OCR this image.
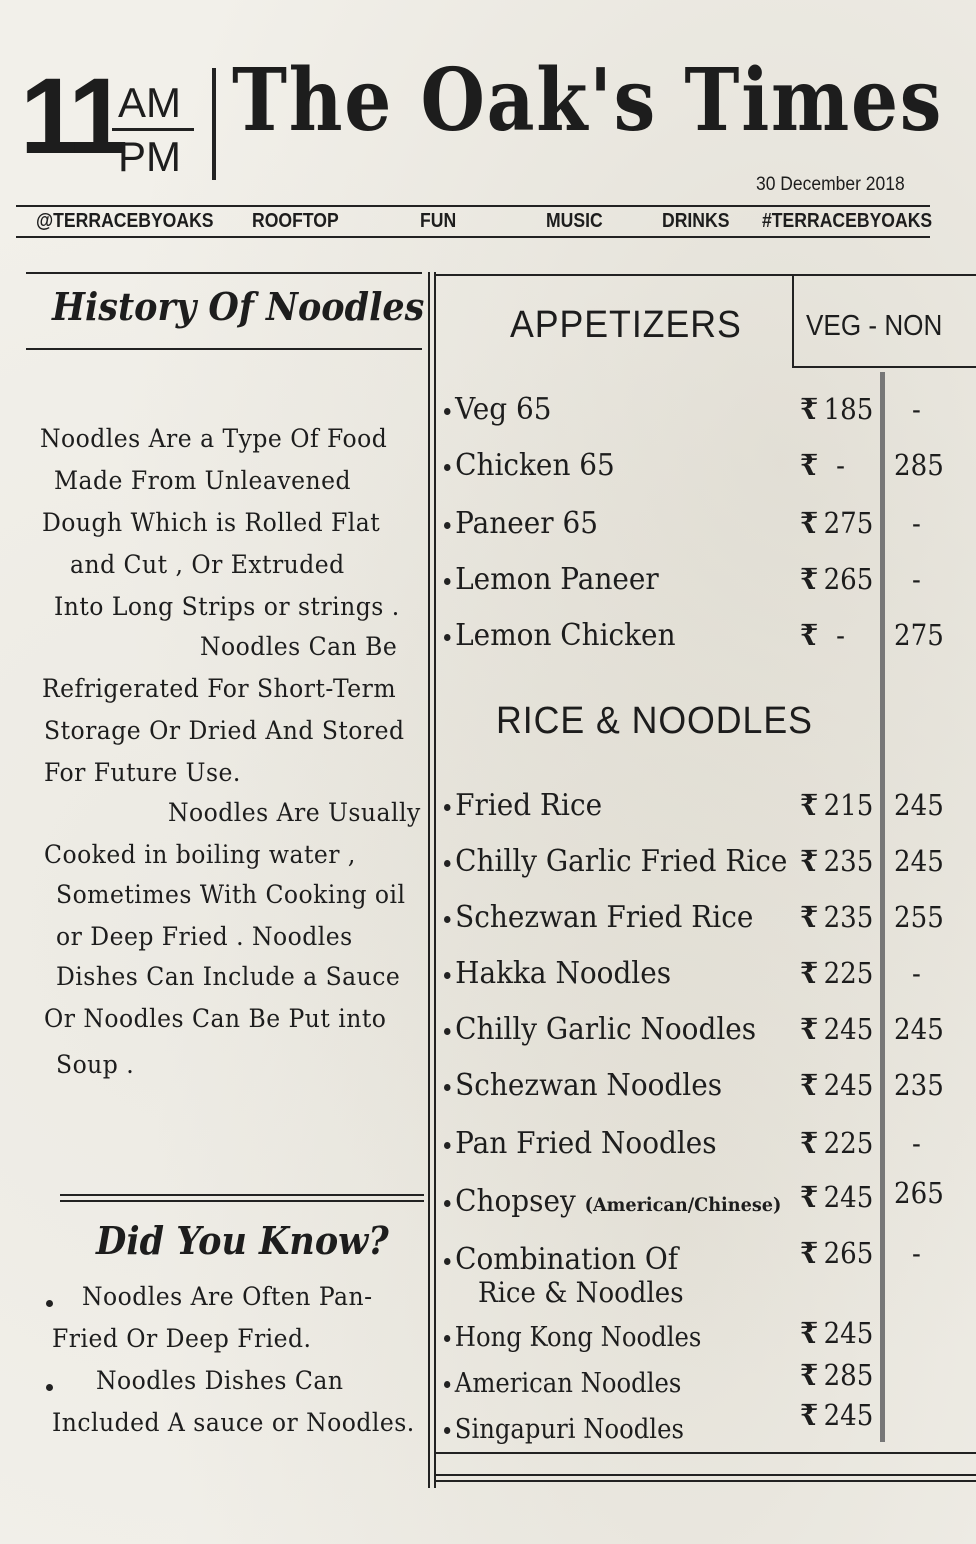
11
AM
PM
The Oak's Times
30 December 2018
@TERRACEBYOAKS ROOFTOP	FUN	MUSIC	DRINKS #TERRACEBYOAKS
History Of Noodles
Noodles Are a Type Of Food
Made From Unleavened
Dough Which is Rolled Flat
and Cut , Or Extruded
Into Long Strips or strings .
Noodles Can Be
Refrigerated For Short-Term
Storage Or Dried And Stored
For Future Use.
Noodles Are Usually
Cooked in boiling water ,
Sometimes With Cooking oil
or Deep Fried . Noodles
Dishes Can Include a Sauce
Or Noodles Can Be Put into
Soup .
Did You Know?
Noodles Are Often Pan-
Fried Or Deep Fried.
Noodles Dishes Can
Included A sauce or Noodles.
VEG - NON
APPETIZERS
Veg 65	₹ 185 -
Chicken 65	₹ - 285
Paneer 65	₹ 275 -
Lemon Paneer	₹ 265 -
Lemon Chicken	₹ - 275
RICE & NOODLES
Fried Rice	₹ 215 245
Chilly Garlic Fried Rice ₹ 235 245
Schezwan Fried Rice ₹ 235 255
Hakka Noodles	₹ 225 -
Chilly Garlic Noodles ₹ 245 245
Schezwan Noodles	₹ 245 235
Pan Fried Noodles	₹ 225 -
Chopsey (American/Chinese) ₹ 245 265
Combination Of
Rice & Noodles
₹ 265 -
Hong Kong Noodles	₹ 245
American Noodles	₹ 285
Singapuri Noodles	₹ 245
